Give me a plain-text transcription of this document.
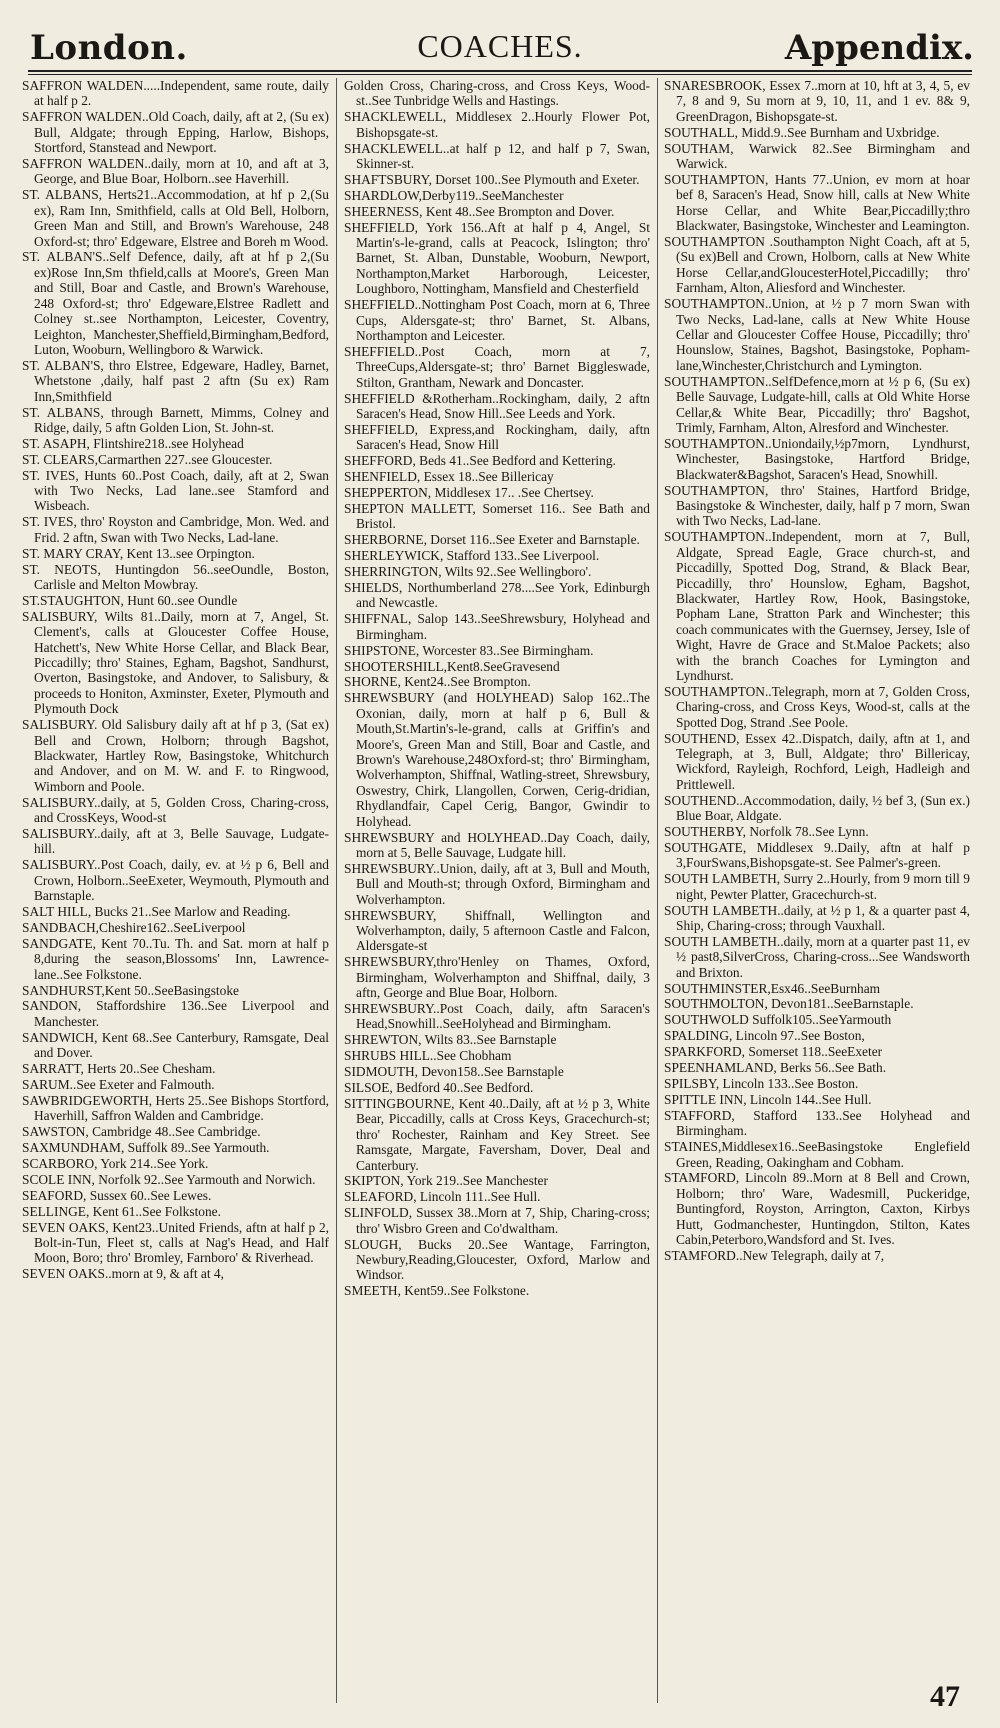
London.	COACHES.	Appendix.
SAFFRON WALDEN.....Independent, same route, daily at half p 2.
SAFFRON WALDEN..Old Coach, daily, aft at 2, (Su ex) Bull, Aldgate; through Epping, Harlow, Bishops, Stortford, Stanstead and Newport.
SAFFRON WALDEN..daily, morn at 10, and aft at 3, George, and Blue Boar, Holborn..see Haverhill.
ST. ALBANS, Herts21..Accommodation, at hf p 2,(Su ex), Ram Inn, Smithfield, calls at Old Bell, Holborn, Green Man and Still, and Brown's Warehouse, 248 Oxford-st; thro' Edgeware, Elstree and Boreh m Wood.
ST. ALBAN'S..Self Defence, daily, aft at hf p 2,(Su ex)Rose Inn,Sm thfield,calls at Moore's, Green Man and Still, Boar and Castle, and Brown's Warehouse, 248 Oxford-st; thro' Edgeware,Elstree Radlett and Colney st..see Northampton, Leicester, Coventry, Leighton, Manchester,Sheffield,Birmingham,Bedford, Luton, Wooburn, Wellingboro & Warwick.
ST. ALBAN'S, thro Elstree, Edgeware, Hadley, Barnet, Whetstone ,daily, half past 2 aftn (Su ex) Ram Inn,Smithfield
ST. ALBANS, through Barnett, Mimms, Colney and Ridge, daily, 5 aftn Golden Lion, St. John-st.
ST. ASAPH, Flintshire218..see Holyhead
ST. CLEARS,Carmarthen 227..see Gloucester.
ST. IVES, Hunts 60..Post Coach, daily, aft at 2, Swan with Two Necks, Lad lane..see Stamford and Wisbeach.
ST. IVES, thro' Royston and Cambridge, Mon. Wed. and Frid. 2 aftn, Swan with Two Necks, Lad-lane.
ST. MARY CRAY, Kent 13..see Orpington.
ST. NEOTS, Huntingdon 56..seeOundle, Boston, Carlisle and Melton Mowbray.
ST.STAUGHTON, Hunt 60..see Oundle
SALISBURY, Wilts 81..Daily, morn at 7, Angel, St. Clement's, calls at Gloucester Coffee House, Hatchett's, New White Horse Cellar, and Black Bear, Piccadilly; thro' Staines, Egham, Bagshot, Sandhurst, Overton, Basingstoke, and Andover, to Salisbury, & proceeds to Honiton, Axminster, Exeter, Plymouth and Plymouth Dock
SALISBURY. Old Salisbury daily aft at hf p 3, (Sat ex) Bell and Crown, Holborn; through Bagshot, Blackwater, Hartley Row, Basingstoke, Whitchurch and Andover, and on M. W. and F. to Ringwood, Wimborn and Poole.
SALISBURY..daily, at 5, Golden Cross, Charing-cross, and CrossKeys, Wood-st
SALISBURY..daily, aft at 3, Belle Sauvage, Ludgate-hill.
SALISBURY..Post Coach, daily, ev. at ½ p 6, Bell and Crown, Holborn..SeeExeter, Weymouth, Plymouth and Barnstaple.
SALT HILL, Bucks 21..See Marlow and Reading.
SANDBACH,Cheshire162..SeeLiverpool
SANDGATE, Kent 70..Tu. Th. and Sat. morn at half p 8,during the season,Blossoms' Inn, Lawrence-lane..See Folkstone.
SANDHURST,Kent 50..SeeBasingstoke
SANDON, Staffordshire 136..See Liverpool and Manchester.
SANDWICH, Kent 68..See Canterbury, Ramsgate, Deal and Dover.
SARRATT, Herts 20..See Chesham.
SARUM..See Exeter and Falmouth.
SAWBRIDGEWORTH, Herts 25..See Bishops Stortford, Haverhill, Saffron Walden and Cambridge.
SAWSTON, Cambridge 48..See Cambridge.
SAXMUNDHAM, Suffolk 89..See Yarmouth.
SCARBORO, York 214..See York.
SCOLE INN, Norfolk 92..See Yarmouth and Norwich.
SEAFORD, Sussex 60..See Lewes.
SELLINGE, Kent 61..See Folkstone.
SEVEN OAKS, Kent23..United Friends, aftn at half p 2, Bolt-in-Tun, Fleet st, calls at Nag's Head, and Half Moon, Boro; thro' Bromley, Farnboro' & Riverhead.
SEVEN OAKS..morn at 9, & aft at 4,
Golden Cross, Charing-cross, and Cross Keys, Wood-st..See Tunbridge Wells and Hastings.
SHACKLEWELL, Middlesex 2..Hourly Flower Pot, Bishopsgate-st.
SHACKLEWELL..at half p 12, and half p 7, Swan, Skinner-st.
SHAFTSBURY, Dorset 100..See Plymouth and Exeter.
SHARDLOW,Derby119..SeeManchester
SHEERNESS, Kent 48..See Brompton and Dover.
SHEFFIELD, York 156..Aft at half p 4, Angel, St Martin's-le-grand, calls at Peacock, Islington; thro' Barnet, St. Alban, Dunstable, Wooburn, Newport, Northampton,Market Harborough, Leicester, Loughboro, Nottingham, Mansfield and Chesterfield
SHEFFIELD..Nottingham Post Coach, morn at 6, Three Cups, Aldersgate-st; thro' Barnet, St. Albans, Northampton and Leicester.
SHEFFIELD..Post Coach, morn at 7, ThreeCups,Aldersgate-st; thro' Barnet Biggleswade, Stilton, Grantham, Newark and Doncaster.
SHEFFIELD &Rotherham..Rockingham, daily, 2 aftn Saracen's Head, Snow Hill..See Leeds and York.
SHEFFIELD, Express,and Rockingham, daily, aftn Saracen's Head, Snow Hill
SHEFFORD, Beds 41..See Bedford and Kettering.
SHENFIELD, Essex 18..See Billericay
SHEPPERTON, Middlesex 17.. .See Chertsey.
SHEPTON MALLETT, Somerset 116.. See Bath and Bristol.
SHERBORNE, Dorset 116..See Exeter and Barnstaple.
SHERLEYWICK, Stafford 133..See Liverpool.
SHERRINGTON, Wilts 92..See Wellingboro'.
SHIELDS, Northumberland 278....See York, Edinburgh and Newcastle.
SHIFFNAL, Salop 143..SeeShrewsbury, Holyhead and Birmingham.
SHIPSTONE, Worcester 83..See Birmingham.
SHOOTERSHILL,Kent8.SeeGravesend
SHORNE, Kent24..See Brompton.
SHREWSBURY (and HOLYHEAD) Salop 162..The Oxonian, daily, morn at half p 6, Bull & Mouth,St.Martin's-le-grand, calls at Griffin's and Moore's, Green Man and Still, Boar and Castle, and Brown's Warehouse,248Oxford-st; thro' Birmingham, Wolverhampton, Shiffnal, Watling-street, Shrewsbury, Oswestry, Chirk, Llangollen, Corwen, Cerig-dridian, Rhydlandfair, Capel Cerig, Bangor, Gwindir to Holyhead.
SHREWSBURY and HOLYHEAD..Day Coach, daily, morn at 5, Belle Sauvage, Ludgate hill.
SHREWSBURY..Union, daily, aft at 3, Bull and Mouth, Bull and Mouth-st; through Oxford, Birmingham and Wolverhampton.
SHREWSBURY, Shiffnall, Wellington and Wolverhampton, daily, 5 afternoon Castle and Falcon, Aldersgate-st
SHREWSBURY,thro'Henley on Thames, Oxford, Birmingham, Wolverhampton and Shiffnal, daily, 3 aftn, George and Blue Boar, Holborn.
SHREWSBURY..Post Coach, daily, aftn Saracen's Head,Snowhill..SeeHolyhead and Birmingham.
SHREWTON, Wilts 83..See Barnstaple
SHRUBS HILL..See Chobham
SIDMOUTH, Devon158..See Barnstaple
SILSOE, Bedford 40..See Bedford.
SITTINGBOURNE, Kent 40..Daily, aft at ½ p 3, White Bear, Piccadilly, calls at Cross Keys, Gracechurch-st; thro' Rochester, Rainham and Key Street. See Ramsgate, Margate, Faversham, Dover, Deal and Canterbury.
SKIPTON, York 219..See Manchester
SLEAFORD, Lincoln 111..See Hull.
SLINFOLD, Sussex 38..Morn at 7, Ship, Charing-cross; thro' Wisbro Green and Co'dwaltham.
SLOUGH, Bucks 20..See Wantage, Farrington, Newbury,Reading,Gloucester, Oxford, Marlow and Windsor.
SMEETH, Kent59..See Folkstone.
SNARESBROOK, Essex 7..morn at 10, hft at 3, 4, 5, ev 7, 8 and 9, Su morn at 9, 10, 11, and 1 ev. 8& 9, GreenDragon, Bishopsgate-st.
SOUTHALL, Midd.9..See Burnham and Uxbridge.
SOUTHAM, Warwick 82..See Birmingham and Warwick.
SOUTHAMPTON, Hants 77..Union, ev morn at hoar bef 8, Saracen's Head, Snow hill, calls at New White Horse Cellar, and White Bear,Piccadilly;thro Blackwater, Basingstoke, Winchester and Leamington.
SOUTHAMPTON .Southampton Night Coach, aft at 5,(Su ex)Bell and Crown, Holborn, calls at New White Horse Cellar,andGloucesterHotel,Piccadilly; thro' Farnham, Alton, Aliesford and Winchester.
SOUTHAMPTON..Union, at ½ p 7 morn Swan with Two Necks, Lad-lane, calls at New White House Cellar and Gloucester Coffee House, Piccadilly; thro' Hounslow, Staines, Bagshot, Basingstoke, Popham-lane,Winchester,Christchurch and Lymington.
SOUTHAMPTON..SelfDefence,morn at ½ p 6, (Su ex) Belle Sauvage, Ludgate-hill, calls at Old White Horse Cellar,& White Bear, Piccadilly; thro' Bagshot, Trimly, Farnham, Alton, Alresford and Winchester.
SOUTHAMPTON..Uniondaily,½p7morn, Lyndhurst, Winchester, Basingstoke, Hartford Bridge, Blackwater&Bagshot, Saracen's Head, Snowhill.
SOUTHAMPTON, thro' Staines, Hartford Bridge, Basingstoke & Winchester, daily, half p 7 morn, Swan with Two Necks, Lad-lane.
SOUTHAMPTON..Independent, morn at 7, Bull, Aldgate, Spread Eagle, Grace church-st, and Piccadilly, Spotted Dog, Strand, & Black Bear, Piccadilly, thro' Hounslow, Egham, Bagshot, Blackwater, Hartley Row, Hook, Basingstoke, Popham Lane, Stratton Park and Winchester; this coach communicates with the Guernsey, Jersey, Isle of Wight, Havre de Grace and St.Maloe Packets; also with the branch Coaches for Lymington and Lyndhurst.
SOUTHAMPTON..Telegraph, morn at 7, Golden Cross, Charing-cross, and Cross Keys, Wood-st, calls at the Spotted Dog, Strand .See Poole.
SOUTHEND, Essex 42..Dispatch, daily, aftn at 1, and Telegraph, at 3, Bull, Aldgate; thro' Billericay, Wickford, Rayleigh, Rochford, Leigh, Hadleigh and Prittlewell.
SOUTHEND..Accommodation, daily, ½ bef 3, (Sun ex.) Blue Boar, Aldgate.
SOUTHERBY, Norfolk 78..See Lynn.
SOUTHGATE, Middlesex 9..Daily, aftn at half p 3,FourSwans,Bishopsgate-st. See Palmer's-green.
SOUTH LAMBETH, Surry 2..Hourly, from 9 morn till 9 night, Pewter Platter, Gracechurch-st.
SOUTH LAMBETH..daily, at ½ p 1, & a quarter past 4, Ship, Charing-cross; through Vauxhall.
SOUTH LAMBETH..daily, morn at a quarter past 11, ev ½ past8,SilverCross, Charing-cross...See Wandsworth and Brixton.
SOUTHMINSTER,Esx46..SeeBurnham
SOUTHMOLTON, Devon181..SeeBarnstaple.
SOUTHWOLD Suffolk105..SeeYarmouth
SPALDING, Lincoln 97..See Boston,
SPARKFORD, Somerset 118..SeeExeter
SPEENHAMLAND, Berks 56..See Bath.
SPILSBY, Lincoln 133..See Boston.
SPITTLE INN, Lincoln 144..See Hull.
STAFFORD, Stafford 133..See Holyhead and Birmingham.
STAINES,Middlesex16..SeeBasingstoke Englefield Green, Reading, Oakingham and Cobham.
STAMFORD, Lincoln 89..Morn at 8 Bell and Crown, Holborn; thro' Ware, Wadesmill, Puckeridge, Buntingford, Royston, Arrington, Caxton, Kirbys Hutt, Godmanchester, Huntingdon, Stilton, Kates Cabin,Peterboro,Wandsford and St. Ives.
STAMFORD..New Telegraph, daily at 7,
47
